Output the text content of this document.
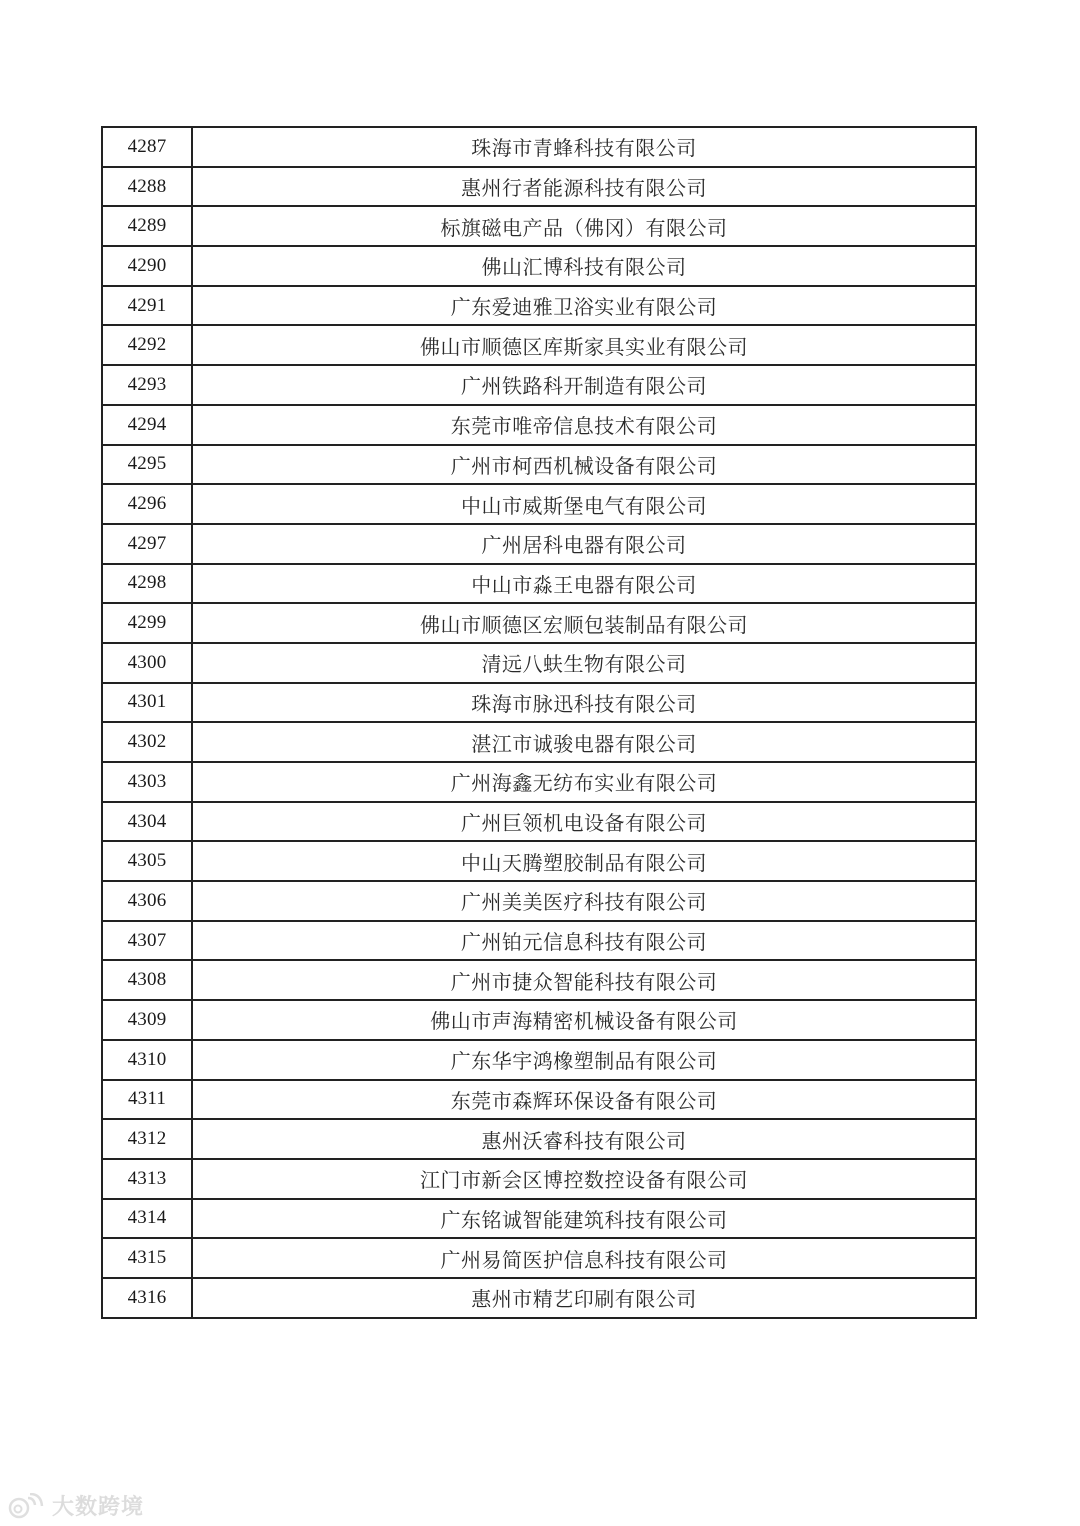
4287	珠海市青蜂科技有限公司
4288	惠州行者能源科技有限公司
4289	标旗磁电产品（佛冈）有限公司
4290	佛山汇博科技有限公司
4291	广东爱迪雅卫浴实业有限公司
4292	佛山市顺德区库斯家具实业有限公司
4293	广州铁路科开制造有限公司
4294	东莞市唯帝信息技术有限公司
4295	广州市柯西机械设备有限公司
4296	中山市威斯堡电气有限公司
4297	广州居科电器有限公司
4298	中山市淼王电器有限公司
4299	佛山市顺德区宏顺包装制品有限公司
4300	清远八蚨生物有限公司
4301	珠海市脉迅科技有限公司
4302	湛江市诚骏电器有限公司
4303	广州海鑫无纺布实业有限公司
4304	广州巨领机电设备有限公司
4305	中山天腾塑胶制品有限公司
4306	广州美美医疗科技有限公司
4307	广州铂元信息科技有限公司
4308	广州市捷众智能科技有限公司
4309	佛山市声海精密机械设备有限公司
4310	广东华宇鸿橡塑制品有限公司
4311	东莞市森辉环保设备有限公司
4312	惠州沃睿科技有限公司
4313	江门市新会区博控数控设备有限公司
4314	广东铭诚智能建筑科技有限公司
4315	广州易简医护信息科技有限公司
4316	惠州市精艺印刷有限公司
大数跨境
